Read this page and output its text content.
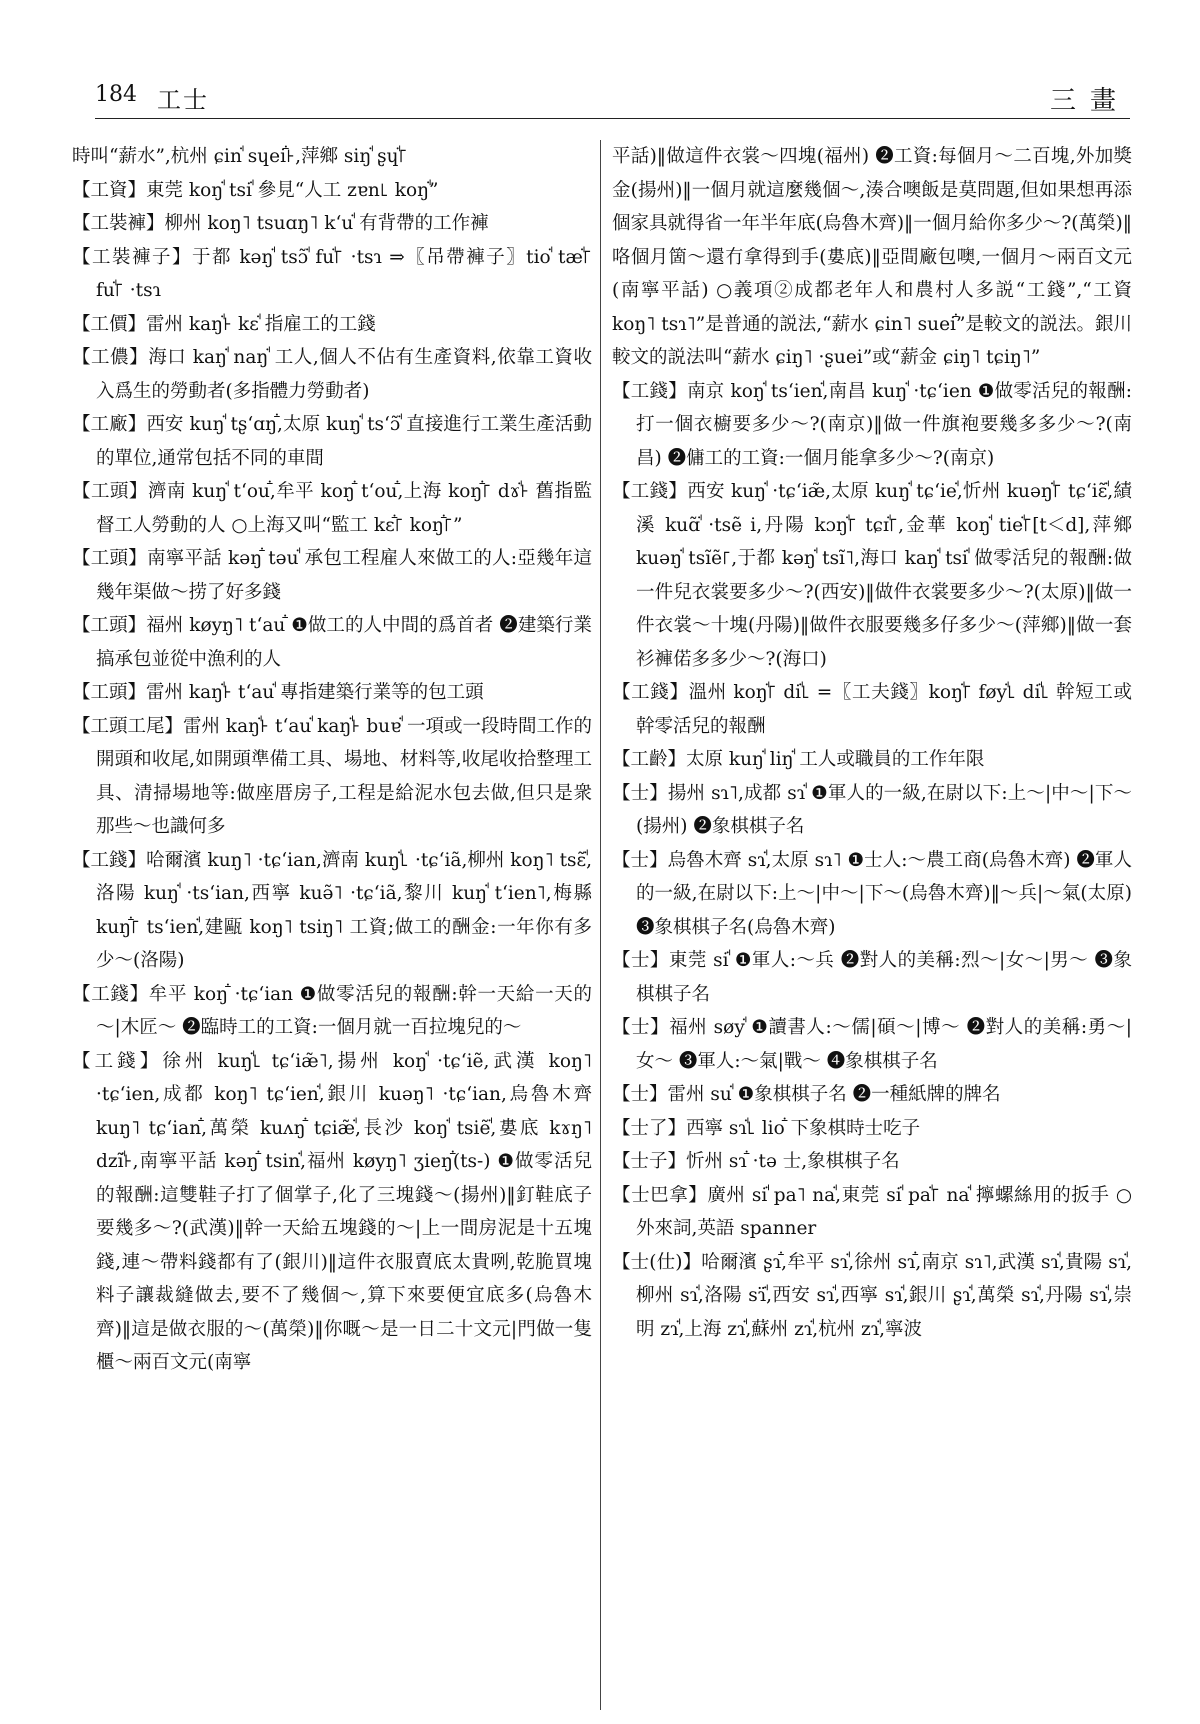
184 工士	三畫

時叫“薪水”,杭州 ɕinꜗ sɥeiꜙ꜔,萍鄉 siŋꜗ ʂɥꜗ꜒

【工資】東莞 koŋꜗ tsiꜗ 參見“人工 zɐn꜖ koŋꜗ”

【工裝褲】柳州 koŋ˥ tsuɑŋ˥ kʻuꜗ 有背帶的工作褲

【工裝褲子】于都 kəŋꜗ tsɔ̃ꜗ fuꜗ꜒ ·tsɿ ⇒〖吊帶褲子〗tioꜗ tæꜗ꜒ fuꜗ꜒ ·tsɿ

【工價】雷州 kaŋꜗ꜔ kɛꜗ 指雇工的工錢

【工儂】海口 kaŋꜗ naŋꜗ 工人,個人不佔有生產資料,依靠工資收入爲生的勞動者(多指體力勞動者)

【工廠】西安 kuŋꜗ tʂʻɑŋꜙ,太原 kuŋꜗ tsʻɔ̃ꜗ 直接進行工業生產活動的單位,通常包括不同的車間

【工頭】濟南 kuŋꜗ tʻouꜙ,牟平 koŋꜙ tʻouꜙ,上海 koŋꜙ꜒ dɤꜗ꜔ 舊指監督工人勞動的人 ○上海又叫“監工 kɛꜙ꜒ koŋꜙ꜒”

【工頭】南寧平話 kəŋꜙ təuꜗ 承包工程雇人來做工的人:亞幾年這幾年渠做～捞了好多錢

【工頭】福州 køyŋ˥ tʻauꜙ ❶做工的人中間的爲首者 ❷建築行業搞承包並從中漁利的人

【工頭】雷州 kaŋꜗ꜔ tʻauꜗ 專指建築行業等的包工頭

【工頭工尾】雷州 kaŋꜗ꜔ tʻauꜗ kaŋꜗ꜔ buɐꜗ 一項或一段時間工作的開頭和收尾,如開頭準備工具、場地、材料等,收尾收拾整理工具、清掃場地等:做座厝房子,工程是給泥水包去做,但只是衆那些～也識何多

【工錢】哈爾濱 kuŋ˥ ·tɕʻian,濟南 kuŋꜗ꜖ ·tɕʻiã,柳州 koŋ˥ tsɛ̃ꜗ,洛陽 kuŋꜗ ·tsʻian,西寧 kuə̃˥ ·tɕʻiã,黎川 kuŋꜗ tʻien˥,梅縣 kuŋꜙ꜒ tsʻienꜗ,建甌 koŋ˥ tsiŋ˥ 工資;做工的酬金:一年你有多少～(洛陽)

【工錢】牟平 koŋꜙ ·tɕʻian ❶做零活兒的報酬:幹一天給一天的～|木匠～ ❷臨時工的工資:一個月就一百拉塊兒的～

【工錢】徐州 kuŋꜗ꜖ tɕʻiæ̃˥,揚州 koŋꜗ ·tɕʻiẽ,武漢 koŋ˥ ·tɕʻien,成都 koŋ˥ tɕʻienꜗ,銀川 kuəŋ˥ ·tɕʻian,烏魯木齊 kuŋ˥ tɕʻianꜙ,萬榮 kuʌŋꜙ tɕiæ̃ꜗ,長沙 koŋꜗ tsiẽꜗ,婁底 kɤŋ˥ dzĩꜗ꜔,南寧平話 kəŋꜙ tsinꜗ,福州 køyŋ˥ ʒieŋꜙ(ts-) ❶做零活兒的報酬:這雙鞋子打了個掌子,化了三塊錢～(揚州)‖釘鞋底子要幾多～?(武漢)‖幹一天給五塊錢的～|上一間房泥是十五塊錢,連～帶料錢都有了(銀川)‖這件衣服賣底太貴咧,乾脆買塊料子讓裁縫做去,要不了幾個～,算下來要便宜底多(烏魯木齊)‖這是做衣服的～(萬榮)‖你嘅～是一日二十文元|門做一隻櫃～兩百文元(南寧

平話)‖做這件衣裳～四塊(福州) ❷工資:每個月～二百塊,外加獎金(揚州)‖一個月就這麼幾個～,湊合噢飯是莫問題,但如果想再添個家具就得省一年半年底(烏魯木齊)‖一個月給你多少～?(萬榮)‖咯個月箇～還冇拿得到手(婁底)‖亞間廠包噢,一個月～兩百文元(南寧平話) ○義項②成都老年人和農村人多説“工錢”,“工資 koŋ˥ tsɿ˥”是普通的説法,“薪水 ɕin˥ sueiꜙ”是較文的説法。銀川較文的説法叫“薪水 ɕiŋ˥ ·ʂuei”或“薪金 ɕiŋ˥ tɕiŋ˥”

【工錢】南京 koŋꜗ tsʻienꜗ,南昌 kuŋꜗ ·tɕʻien ❶做零活兒的報酬:打一個衣櫥要多少～?(南京)‖做一件旗袍要幾多多少～?(南昌) ❷傭工的工資:一個月能拿多少～?(南京)

【工錢】西安 kuŋꜗ ·tɕʻiæ̃,太原 kuŋꜗ tɕʻieꜗ,忻州 kuəŋꜗ꜒ tɕʻiɛ̃ꜗ,績溪 kuɑ̃ꜗ ·tsẽ i,丹陽 kɔŋꜗ꜒ tɕɪꜗ꜒,金華 koŋꜗ tieꜗ꜒[t＜d],萍鄉 kuəŋꜗ tsĩẽ꜒,于都 kəŋꜗ tsĩ˥,海口 kaŋꜗ tsiꜗ 做零活兒的報酬:做一件兒衣裳要多少～?(西安)‖做件衣裳要多少～?(太原)‖做一件衣裳～十塊(丹陽)‖做件衣服要幾多仔多少～(萍鄉)‖做一套衫褲偌多多少～?(海口)

【工錢】溫州 koŋꜗ꜒ diꜗ꜖ =〖工夫錢〗koŋꜗ꜒ føyꜗ꜖ diꜗ꜖ 幹短工或幹零活兒的報酬

【工齡】太原 kuŋꜗ liŋꜗ 工人或職員的工作年限

【士】揚州 sɿ˥,成都 sɿꜗ ❶軍人的一級,在尉以下:上～|中～|下～(揚州) ❷象棋棋子名

【士】烏魯木齊 sɿꜗ,太原 sɿ˥ ❶士人:～農工商(烏魯木齊) ❷軍人的一級,在尉以下:上～|中～|下～(烏魯木齊)‖～兵|～氣(太原) ❸象棋棋子名(烏魯木齊)

【士】東莞 siꜗ ❶軍人:～兵 ❷對人的美稱:烈～|女～|男～ ❸象棋棋子名

【士】福州 søyꜗ ❶讀書人:～儒|碩～|博～ ❷對人的美稱:勇～|女～ ❸軍人:～氣|戰～ ❹象棋棋子名

【士】雷州 suꜗ ❶象棋棋子名 ❷一種紙牌的牌名

【士了】西寧 sɿꜗ꜖ lioꜙ 下象棋時士吃子

【士子】忻州 sɿꜙ ·tə 士,象棋棋子名

【士巴拿】廣州 siꜗ pa˥ naꜗ,東莞 siꜗ paꜗ꜒ naꜗ 擰螺絲用的扳手 ○外來詞,英語 spanner

【士(仕)】哈爾濱 ʂɿꜙ,牟平 sɿꜗ,徐州 sɿꜙ,南京 sɿ˥,武漢 sɿꜗ,貴陽 sɿꜗ,柳州 sɿꜗ,洛陽 sɿ̈ꜗ,西安 sɿꜗ,西寧 sɿꜗ,銀川 ʂɿꜗ,萬榮 sɿꜗ,丹陽 sɿꜗ,崇明 zɿꜗ,上海 zɿꜗ,蘇州 zɿꜗ,杭州 zɿꜗ,寧波
